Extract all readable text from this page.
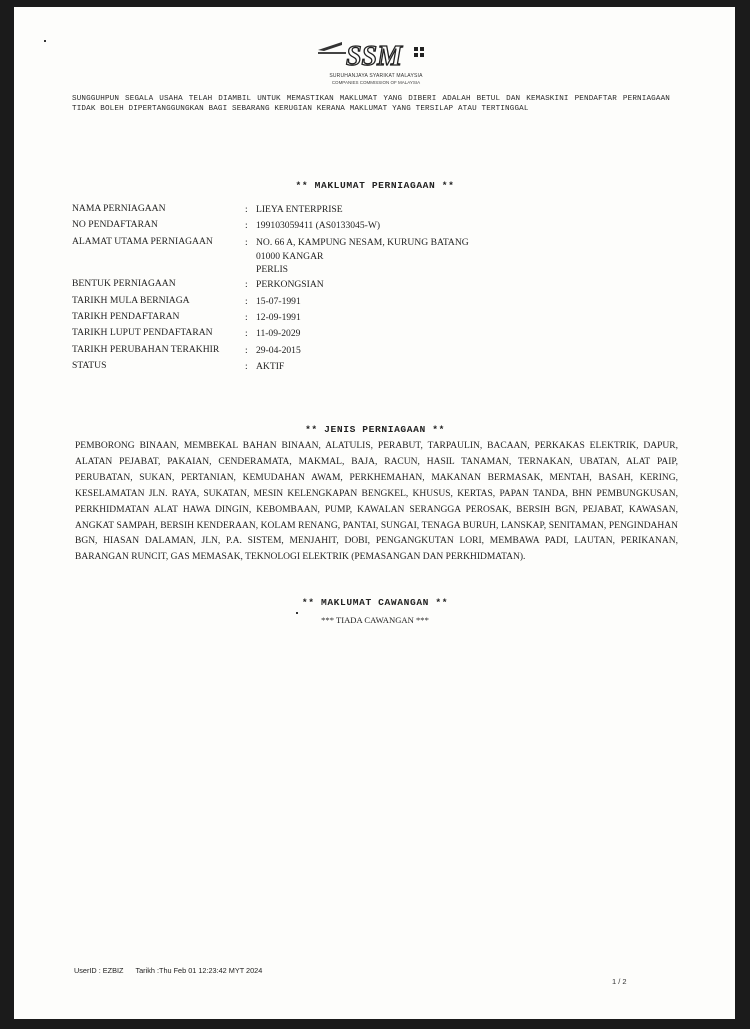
SSM
SURUHANJAYA SYARIKAT MALAYSIA
COMPANIES COMMISSION OF MALAYSIA
SUNGGUHPUN SEGALA USAHA TELAH DIAMBIL UNTUK MEMASTIKAN MAKLUMAT YANG DIBERI ADALAH BETUL DAN KEMASKINI PENDAFTAR PERNIAGAAN TIDAK BOLEH DIPERTANGGUNGKAN BAGI SEBARANG KERUGIAN KERANA MAKLUMAT YANG TERSILAP ATAU TERTINGGAL
** MAKLUMAT PERNIAGAAN **
NAMA PERNIAGAAN	: LIEYA ENTERPRISE
NO PENDAFTARAN	: 199103059411 (AS0133045-W)
ALAMAT UTAMA PERNIAGAAN	: NO. 66 A, KAMPUNG NESAM, KURUNG BATANG
01000 KANGAR
PERLIS
BENTUK PERNIAGAAN	: PERKONGSIAN
TARIKH MULA BERNIAGA	: 15-07-1991
TARIKH PENDAFTARAN	: 12-09-1991
TARIKH LUPUT PENDAFTARAN	: 11-09-2029
TARIKH PERUBAHAN TERAKHIR	: 29-04-2015
STATUS	: AKTIF
** JENIS PERNIAGAAN **
PEMBORONG BINAAN, MEMBEKAL BAHAN BINAAN, ALATULIS, PERABUT, TARPAULIN, BACAAN, PERKAKAS ELEKTRIK, DAPUR, ALATAN PEJABAT, PAKAIAN, CENDERAMATA, MAKMAL, BAJA, RACUN, HASIL TANAMAN, TERNAKAN, UBATAN, ALAT PAIP, PERUBATAN, SUKAN, PERTANIAN, KEMUDAHAN AWAM, PERKHEMAHAN, MAKANAN BERMASAK, MENTAH, BASAH, KERING, KESELAMATAN JLN. RAYA, SUKATAN, MESIN KELENGKAPAN BENGKEL, KHUSUS, KERTAS, PAPAN TANDA, BHN PEMBUNGKUSAN, PERKHIDMATAN ALAT HAWA DINGIN, KEBOMBAAN, PUMP, KAWALAN SERANGGA PEROSAK, BERSIH BGN, PEJABAT, KAWASAN, ANGKAT SAMPAH, BERSIH KENDERAAN, KOLAM RENANG, PANTAI, SUNGAI, TENAGA BURUH, LANSKAP, SENITAMAN, PENGINDAHAN BGN, HIASAN DALAMAN, JLN, P.A. SISTEM, MENJAHIT, DOBI, PENGANGKUTAN LORI, MEMBAWA PADI, LAUTAN, PERIKANAN, BARANGAN RUNCIT, GAS MEMASAK, TEKNOLOGI ELEKTRIK (PEMASANGAN DAN PERKHIDMATAN).
** MAKLUMAT CAWANGAN **
*** TIADA CAWANGAN ***
UserID : EZBIZ Tarikh :Thu Feb 01 12:23:42 MYT 2024
1 / 2
